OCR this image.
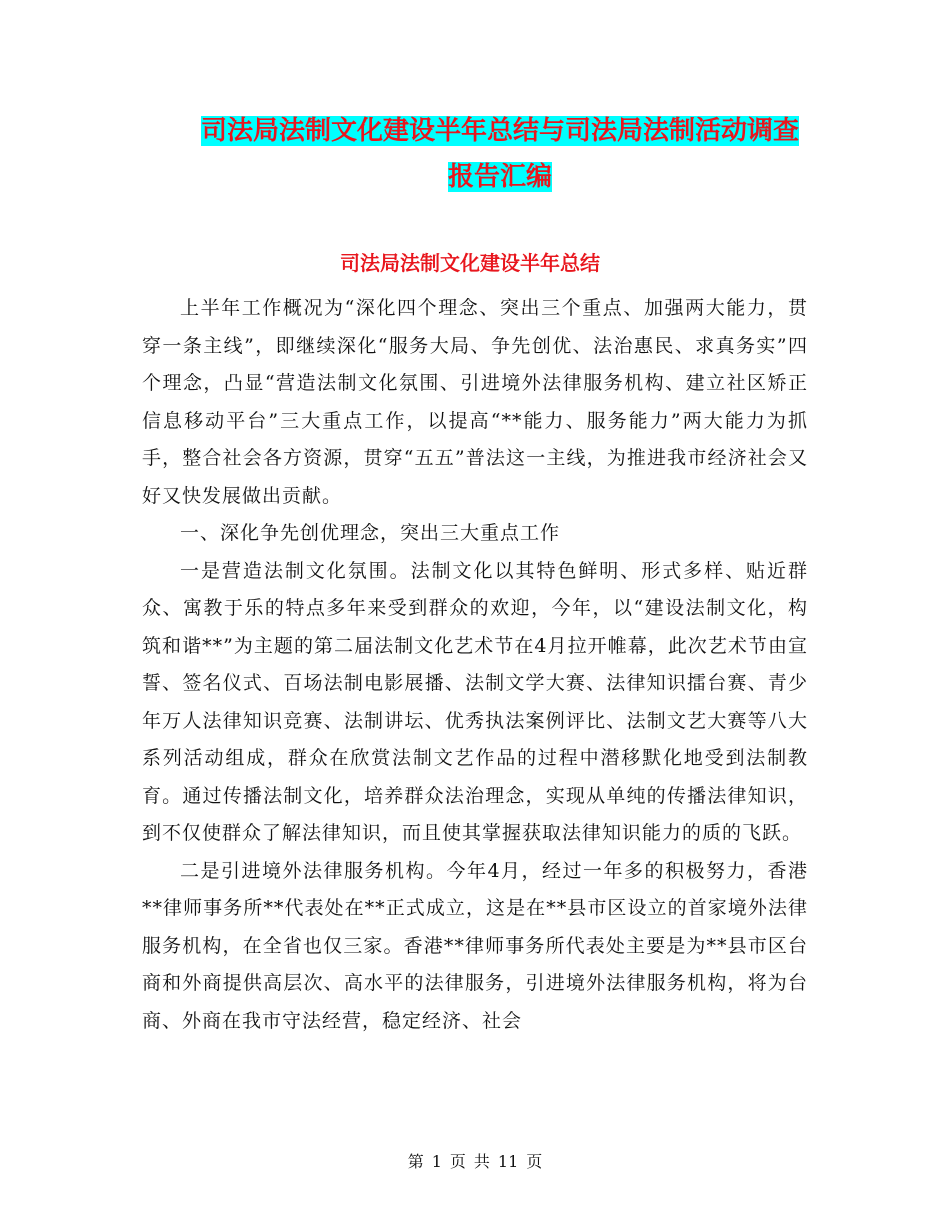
司法局法制文化建设半年总结与司法局法制活动调查
报告汇编
司法局法制文化建设半年总结

上半年工作概况为“深化四个理念、突出三个重点、加强两大能力，贯穿一条主线”，即继续深化“服务大局、争先创优、法治惠民、求真务实”四个理念，凸显“营造法制文化氛围、引进境外法律服务机构、建立社区矫正信息移动平台”三大重点工作，以提高“**能力、服务能力”两大能力为抓手，整合社会各方资源，贯穿“五五”普法这一主线，为推进我市经济社会又好又快发展做出贡献。

一、深化争先创优理念，突出三大重点工作

一是营造法制文化氛围。法制文化以其特色鲜明、形式多样、贴近群众、寓教于乐的特点多年来受到群众的欢迎，今年，以“建设法制文化，构筑和谐**”为主题的第二届法制文化艺术节在4月拉开帷幕，此次艺术节由宣誓、签名仪式、百场法制电影展播、法制文学大赛、法律知识擂台赛、青少年万人法律知识竞赛、法制讲坛、优秀执法案例评比、法制文艺大赛等八大系列活动组成，群众在欣赏法制文艺作品的过程中潜移默化地受到法制教育。通过传播法制文化，培养群众法治理念，实现从单纯的传播法律知识，到不仅使群众了解法律知识，而且使其掌握获取法律知识能力的质的飞跃。

二是引进境外法律服务机构。今年4月，经过一年多的积极努力，香港**律师事务所**代表处在**正式成立，这是在**县市区设立的首家境外法律服务机构，在全省也仅三家。香港**律师事务所代表处主要是为**县市区台商和外商提供高层次、高水平的法律服务，引进境外法律服务机构，将为台商、外商在我市守法经营，稳定经济、社会

第 1 页 共 11 页
